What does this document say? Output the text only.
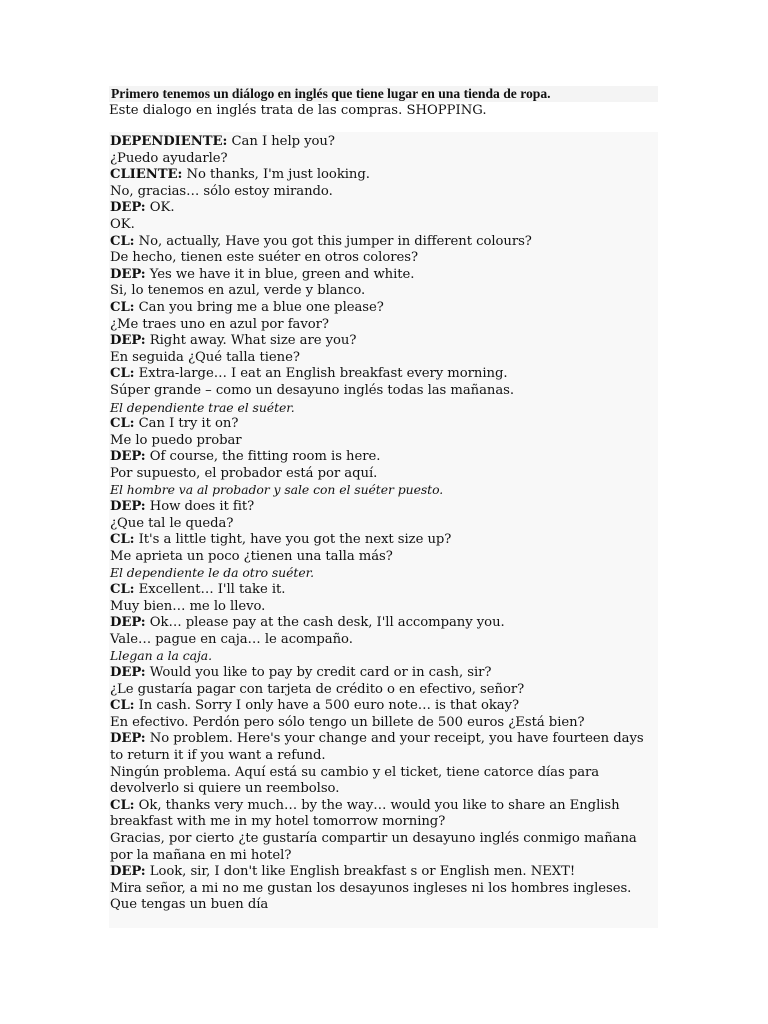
Primero tenemos un diálogo en inglés que tiene lugar en una tienda de ropa.
Este dialogo en inglés trata de las compras. SHOPPING.
DEPENDIENTE: Can I help you?
¿Puedo ayudarle?
CLIENTE: No thanks, I'm just looking.
No, gracias… sólo estoy mirando.
DEP: OK.
OK.
CL: No, actually, Have you got this jumper in different colours?
De hecho, tienen este suéter en otros colores?
DEP: Yes we have it in blue, green and white.
Si, lo tenemos en azul, verde y blanco.
CL: Can you bring me a blue one please?
¿Me traes uno en azul por favor?
DEP: Right away. What size are you?
En seguida ¿Qué talla tiene?
CL: Extra-large… I eat an English breakfast every morning.
Súper grande – como un desayuno inglés todas las mañanas.
El dependiente trae el suéter.
CL: Can I try it on?
Me lo puedo probar
DEP: Of course, the fitting room is here.
Por supuesto, el probador está por aquí.
El hombre va al probador y sale con el suéter puesto.
DEP: How does it fit?
¿Que tal le queda?
CL: It's a little tight, have you got the next size up?
Me aprieta un poco ¿tienen una talla más?
El dependiente le da otro suéter.
CL: Excellent… I'll take it.
Muy bien… me lo llevo.
DEP: Ok… please pay at the cash desk, I'll accompany you.
Vale… pague en caja… le acompaño.
Llegan a la caja.
DEP: Would you like to pay by credit card or in cash, sir?
¿Le gustaría pagar con tarjeta de crédito o en efectivo, señor?
CL: In cash. Sorry I only have a 500 euro note… is that okay?
En efectivo. Perdón pero sólo tengo un billete de 500 euros ¿Está bien?
DEP: No problem. Here's your change and your receipt, you have fourteen days to return it if you want a refund.
Ningún problema. Aquí está su cambio y el ticket, tiene catorce días para devolverlo si quiere un reembolso.
CL: Ok, thanks very much… by the way… would you like to share an English breakfast with me in my hotel tomorrow morning?
Gracias, por cierto ¿te gustaría compartir un desayuno inglés conmigo mañana por la mañana en mi hotel?
DEP: Look, sir, I don't like English breakfast s or English men. NEXT!
Mira señor, a mi no me gustan los desayunos ingleses ni los hombres ingleses.
Que tengas un buen día
